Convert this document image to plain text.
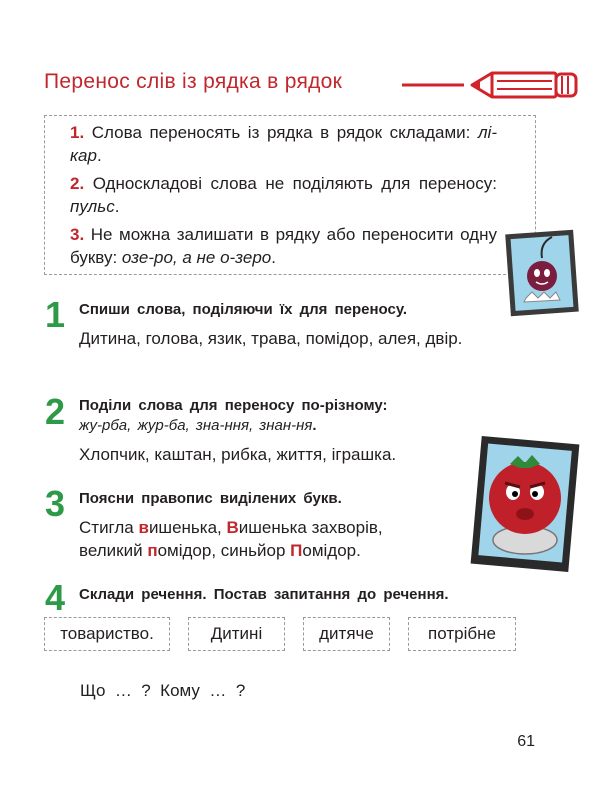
Перенос слів із рядка в рядок
1. Слова переносять із рядка в рядок складами: лі-кар.
2. Односкладові слова не поділяють для переносу: пульс.
3. Не можна залишати в рядку або переносити одну букву: озе-ро, а не о-зеро.
1 Спиши слова, поділяючи їх для переносу.
Дитина, голова, язик, трава, помідор, алея, двір.
2 Поділи слова для переносу по-різному:
жу-рба, жур-ба, зна-ння, знан-ня.
Хлопчик, каштан, рибка, життя, іграшка.
3 Поясни правопис виділених букв.
Стигла вишенька, Вишенька захворів,
великий помідор, синьйор Помідор.
4 Склади речення. Постав запитання до речення.
товариство.	Дитині	дитяче	потрібне
Що  …  ?  Кому  …  ?
61
